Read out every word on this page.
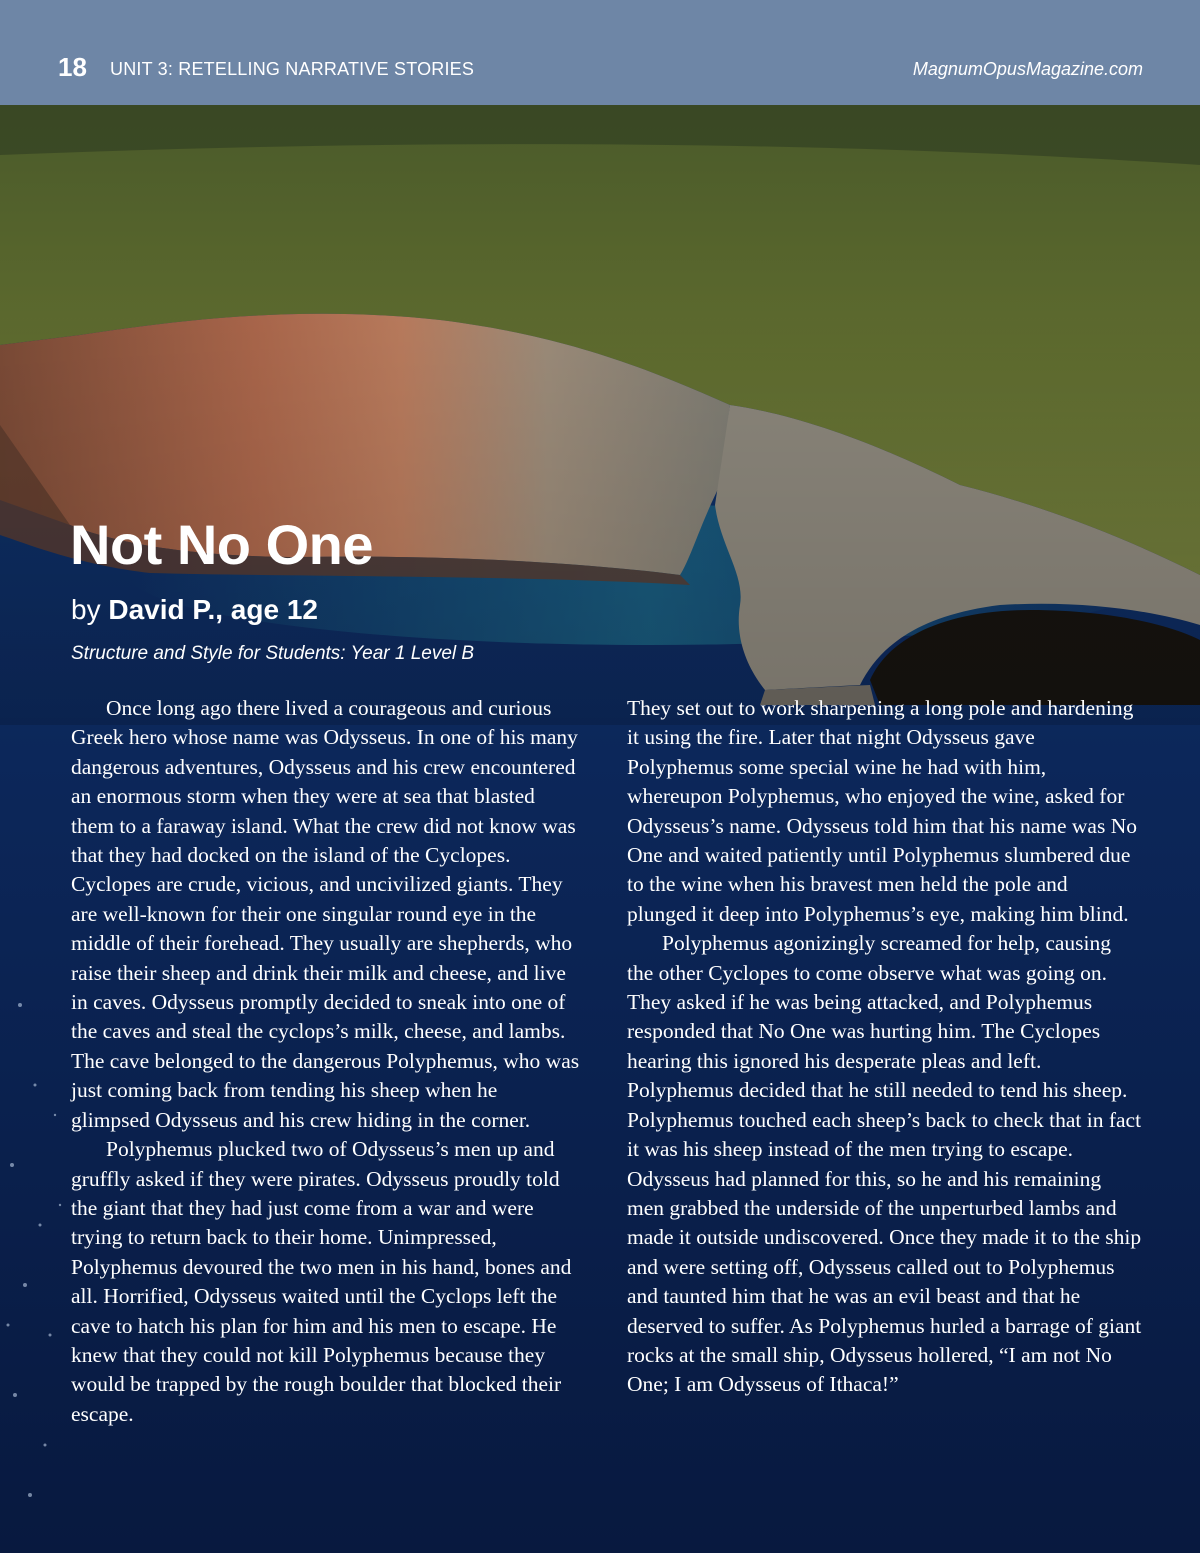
18 UNIT 3: RETELLING NARRATIVE STORIES	MagnumOpusMagazine.com
Not No One
by David P., age 12
Structure and Style for Students: Year 1 Level B

Once long ago there lived a courageous and curious Greek hero whose name was Odysseus. In one of his many dangerous adventures, Odysseus and his crew encountered an enormous storm when they were at sea that blasted them to a faraway island. What the crew did not know was that they had docked on the island of the Cyclopes. Cyclopes are crude, vicious, and uncivilized giants. They are well-known for their one singular round eye in the middle of their forehead. They usually are shepherds, who raise their sheep and drink their milk and cheese, and live in caves. Odysseus promptly decided to sneak into one of the caves and steal the cyclops’s milk, cheese, and lambs. The cave belonged to the dangerous Polyphemus, who was just coming back from tending his sheep when he glimpsed Odysseus and his crew hiding in the corner.

Polyphemus plucked two of Odysseus’s men up and gruffly asked if they were pirates. Odysseus proudly told the giant that they had just come from a war and were trying to return back to their home. Unimpressed, Polyphemus devoured the two men in his hand, bones and all. Horrified, Odysseus waited until the Cyclops left the cave to hatch his plan for him and his men to escape. He knew that they could not kill Polyphemus because they would be trapped by the rough boulder that blocked their escape.

They set out to work sharpening a long pole and hardening it using the fire. Later that night Odysseus gave Polyphemus some special wine he had with him, whereupon Polyphemus, who enjoyed the wine, asked for Odysseus’s name. Odysseus told him that his name was No One and waited patiently until Polyphemus slumbered due to the wine when his bravest men held the pole and plunged it deep into Polyphemus’s eye, making him blind.

Polyphemus agonizingly screamed for help, causing the other Cyclopes to come observe what was going on. They asked if he was being attacked, and Polyphemus responded that No One was hurting him. The Cyclopes hearing this ignored his desperate pleas and left. Polyphemus decided that he still needed to tend his sheep. Polyphemus touched each sheep’s back to check that in fact it was his sheep instead of the men trying to escape. Odysseus had planned for this, so he and his remaining men grabbed the underside of the unperturbed lambs and made it outside undiscovered. Once they made it to the ship and were setting off, Odysseus called out to Polyphemus and taunted him that he was an evil beast and that he deserved to suffer. As Polyphemus hurled a barrage of giant rocks at the small ship, Odysseus hollered, “I am not No One; I am Odysseus of Ithaca!”
